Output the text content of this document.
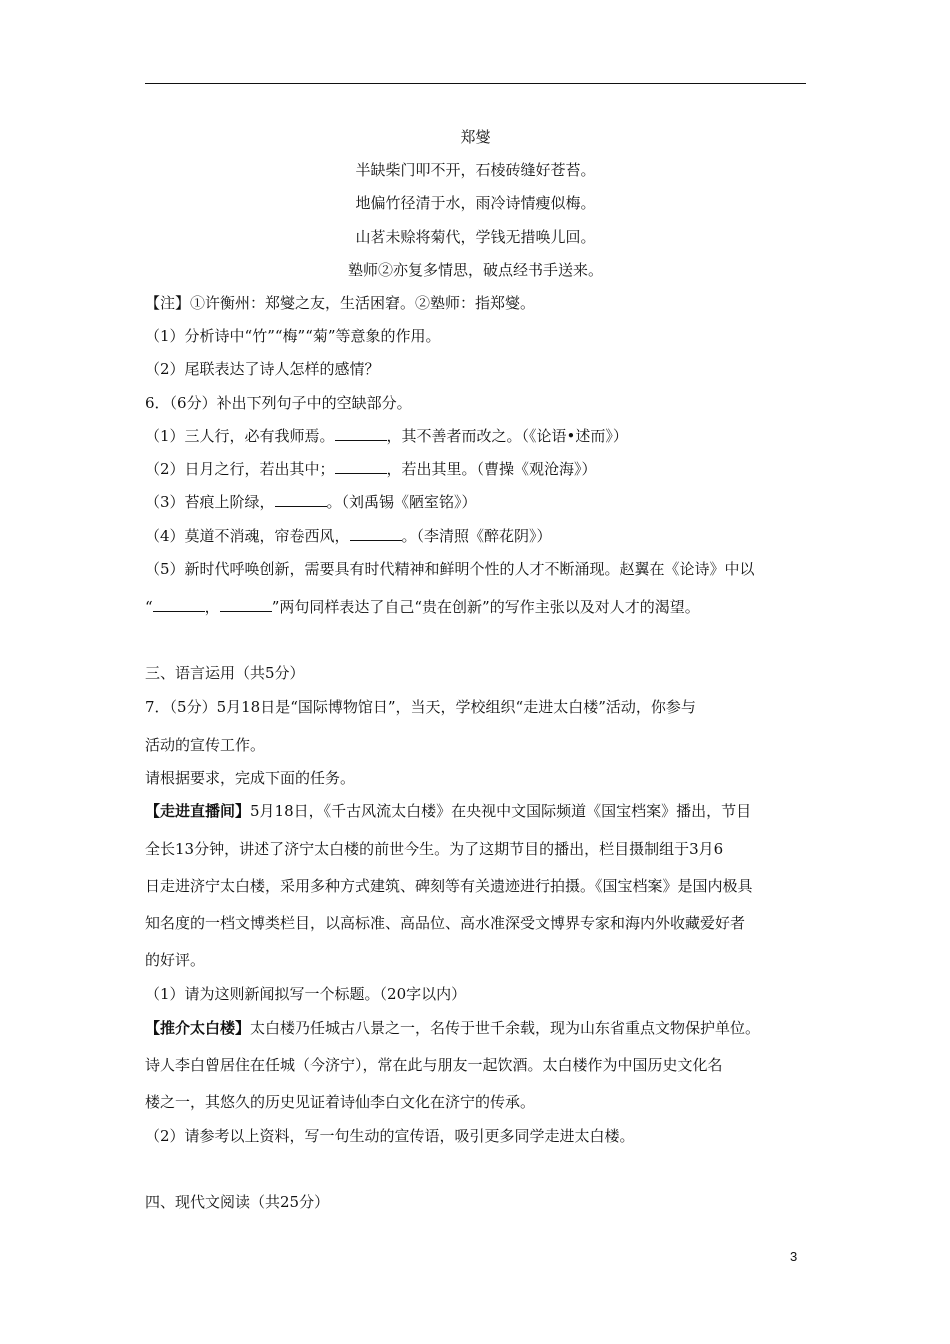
郑燮
半缺柴门叩不开，石棱砖缝好苍苔。
地偏竹径清于水，雨冷诗情瘦似梅。
山茗未赊将菊代，学钱无措唤儿回。
塾师②亦复多情思，破点经书手送来。
【注】①许衡州：郑燮之友，生活困窘。②塾师：指郑燮。
（1）分析诗中“竹”“梅”“菊”等意象的作用。
（2）尾联表达了诗人怎样的感情？
6．（6分）补出下列句子中的空缺部分。
（1）三人行，必有我师焉。	，其不善者而改之。（《论语•述而》）
（2）日月之行，若出其中；	，若出其里。（曹操《观沧海》）
（3）苔痕上阶绿，	。（刘禹锡《陋室铭》）
（4）莫道不消魂，帘卷西风，	。（李清照《醉花阴》）
（5）新时代呼唤创新，需要具有时代精神和鲜明个性的人才不断涌现。赵翼在《论诗》中以
“	，	”两句同样表达了自己“贵在创新”的写作主张以及对人才的渴望。
三、语言运用（共5分）
7．（5分）5月18日是“国际博物馆日”，当天，学校组织“走进太白楼”活动，你参与
活动的宣传工作。
请根据要求，完成下面的任务。
【走进直播间】5月18日，《千古风流太白楼》在央视中文国际频道《国宝档案》播出，节目
全长13分钟，讲述了济宁太白楼的前世今生。为了这期节目的播出，栏目摄制组于3月6
日走进济宁太白楼，采用多种方式建筑、碑刻等有关遗迹进行拍摄。《国宝档案》是国内极具
知名度的一档文博类栏目，以高标准、高品位、高水准深受文博界专家和海内外收藏爱好者
的好评。
（1）请为这则新闻拟写一个标题。（20字以内）
【推介太白楼】太白楼乃任城古八景之一，名传于世千余载，现为山东省重点文物保护单位。
诗人李白曾居住在任城（今济宁），常在此与朋友一起饮酒。太白楼作为中国历史文化名
楼之一，其悠久的历史见证着诗仙李白文化在济宁的传承。
（2）请参考以上资料，写一句生动的宣传语，吸引更多同学走进太白楼。
四、现代文阅读（共25分）
3
